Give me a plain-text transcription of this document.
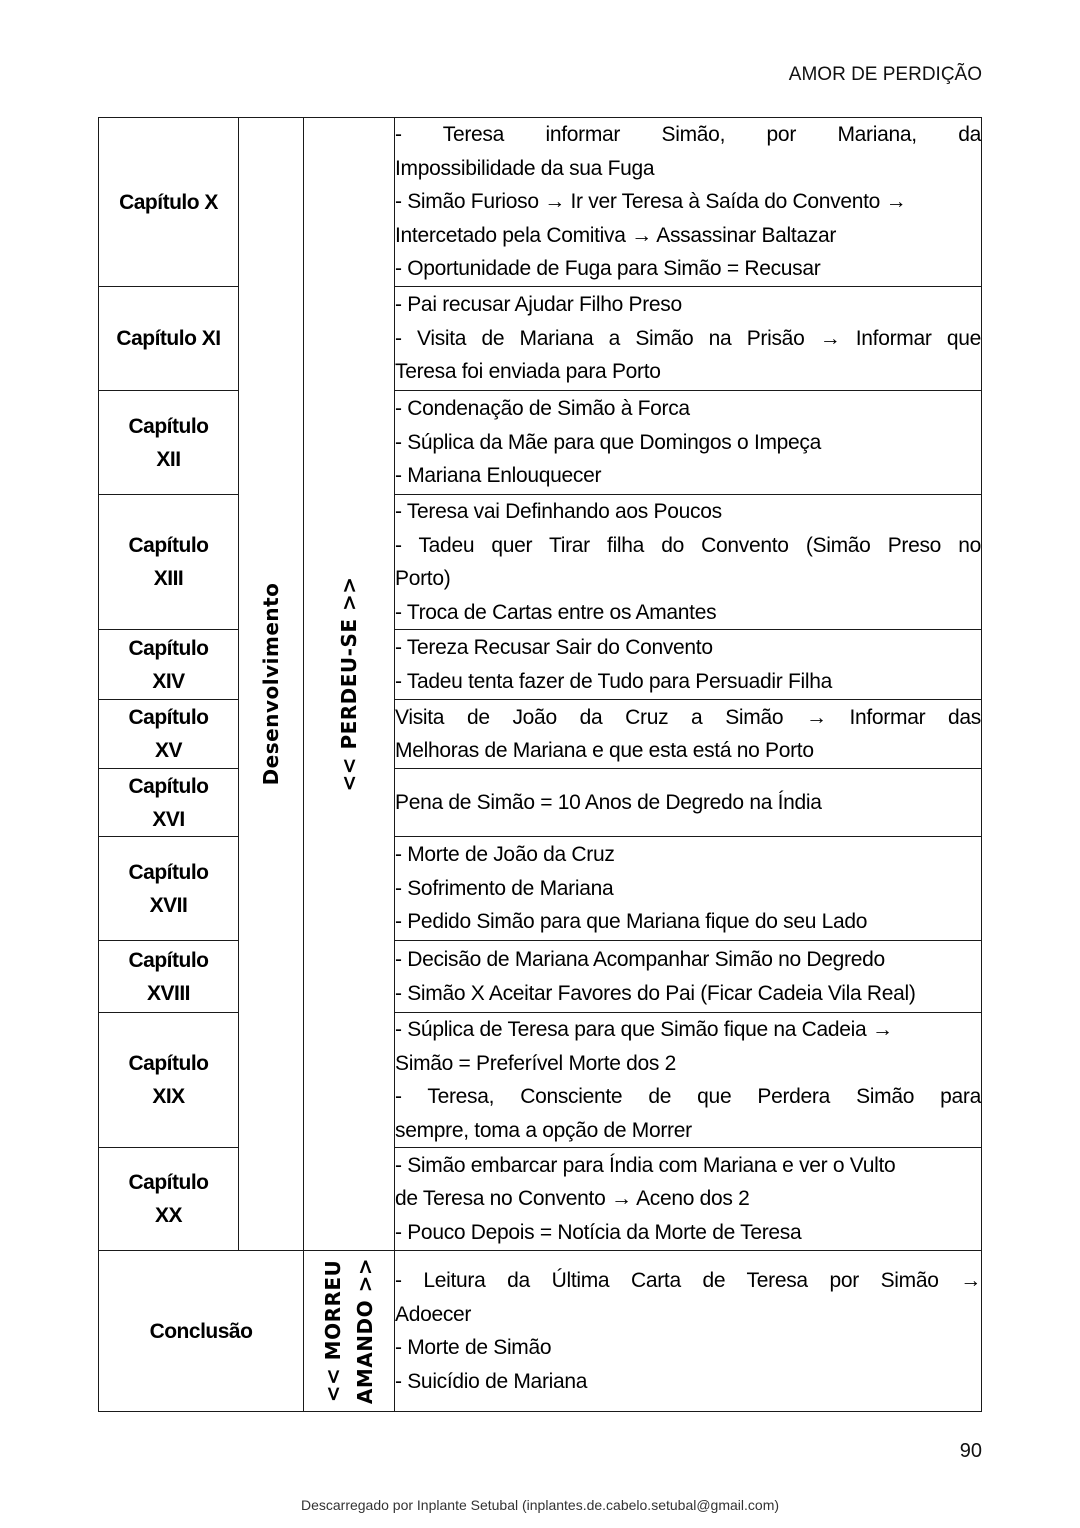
AMOR DE PERDIÇÃO
Capítulo X	Desenvolvimento	<< PERDEU-SE >>	- Teresa informar Simão, por Mariana, da
Impossibilidade da sua Fuga
- Simão Furioso → Ir ver Teresa à Saída do Convento →
Intercetado pela Comitiva → Assassinar Baltazar
- Oportunidade de Fuga para Simão = Recusar

Capítulo XI			- Pai recusar Ajudar Filho Preso
- Visita de Mariana a Simão na Prisão → Informar que
Teresa foi enviada para Porto

Capítulo
XII			- Condenação de Simão à Forca
- Súplica da Mãe para que Domingos o Impeça
- Mariana Enlouquecer

Capítulo
XIII			- Teresa vai Definhando aos Poucos
- Tadeu quer Tirar filha do Convento (Simão Preso no
Porto)
- Troca de Cartas entre os Amantes

Capítulo
XIV			- Tereza Recusar Sair do Convento
- Tadeu tenta fazer de Tudo para Persuadir Filha

Capítulo
XV			Visita de João da Cruz a Simão → Informar das
Melhoras de Mariana e que esta está no Porto

Capítulo
XVI			Pena de Simão = 10 Anos de Degredo na Índia

Capítulo
XVII			- Morte de João da Cruz
- Sofrimento de Mariana
- Pedido Simão para que Mariana fique do seu Lado

Capítulo
XVIII			- Decisão de Mariana Acompanhar Simão no Degredo
- Simão X Aceitar Favores do Pai (Ficar Cadeia Vila Real)

Capítulo
XIX			- Súplica de Teresa para que Simão fique na Cadeia →
Simão = Preferível Morte dos 2
- Teresa, Consciente de que Perdera Simão para
sempre, toma a opção de Morrer

Capítulo
XX			- Simão embarcar para Índia com Mariana e ver o Vulto
de Teresa no Convento → Aceno dos 2
- Pouco Depois = Notícia da Morte de Teresa

Conclusão		<< MORREU AMANDO >>	- Leitura da Última Carta de Teresa por Simão →
Adoecer
- Morte de Simão
- Suicídio de Mariana
90
Descarregado por Inplante Setubal (inplantes.de.cabelo.setubal@gmail.com)
